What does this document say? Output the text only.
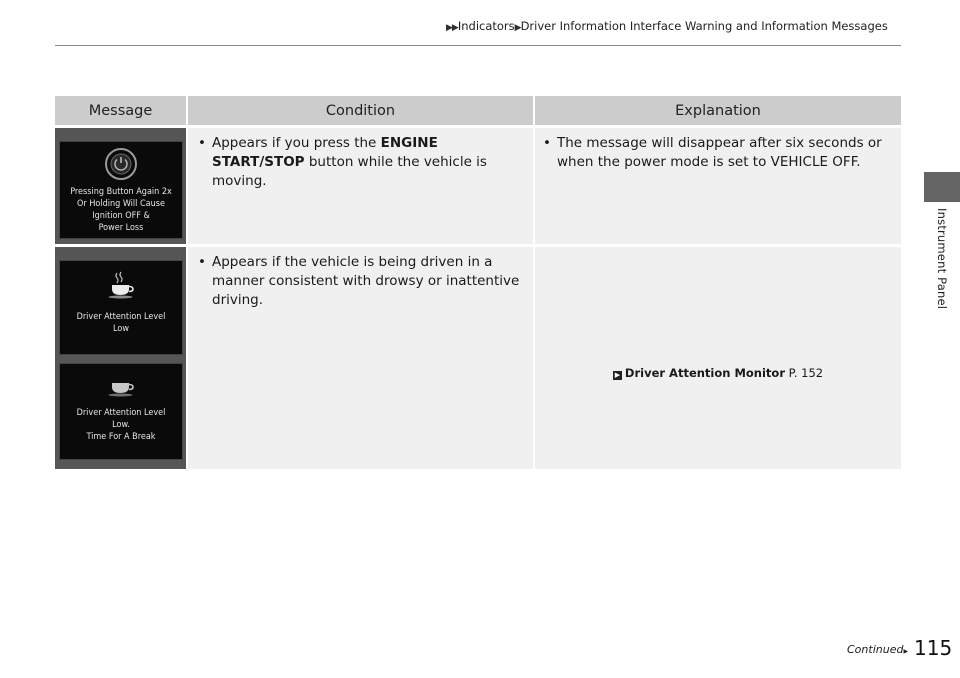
▶▶Indicators▶Driver Information Interface Warning and Information Messages
Instrument Panel
Message	Condition	Explanation
Pressing Button Again 2x
Or Holding Will Cause
Ignition OFF &
Power Loss
• Appears if you press the ENGINE START/STOP button while the vehicle is moving.
• The message will disappear after six seconds or when the power mode is set to VEHICLE OFF.
Driver Attention Level
Low
Driver Attention Level
Low.
Time For A Break
• Appears if the vehicle is being driven in a manner consistent with drowsy or inattentive driving.
▶ Driver Attention Monitor P. 152
Continued▶ 115
